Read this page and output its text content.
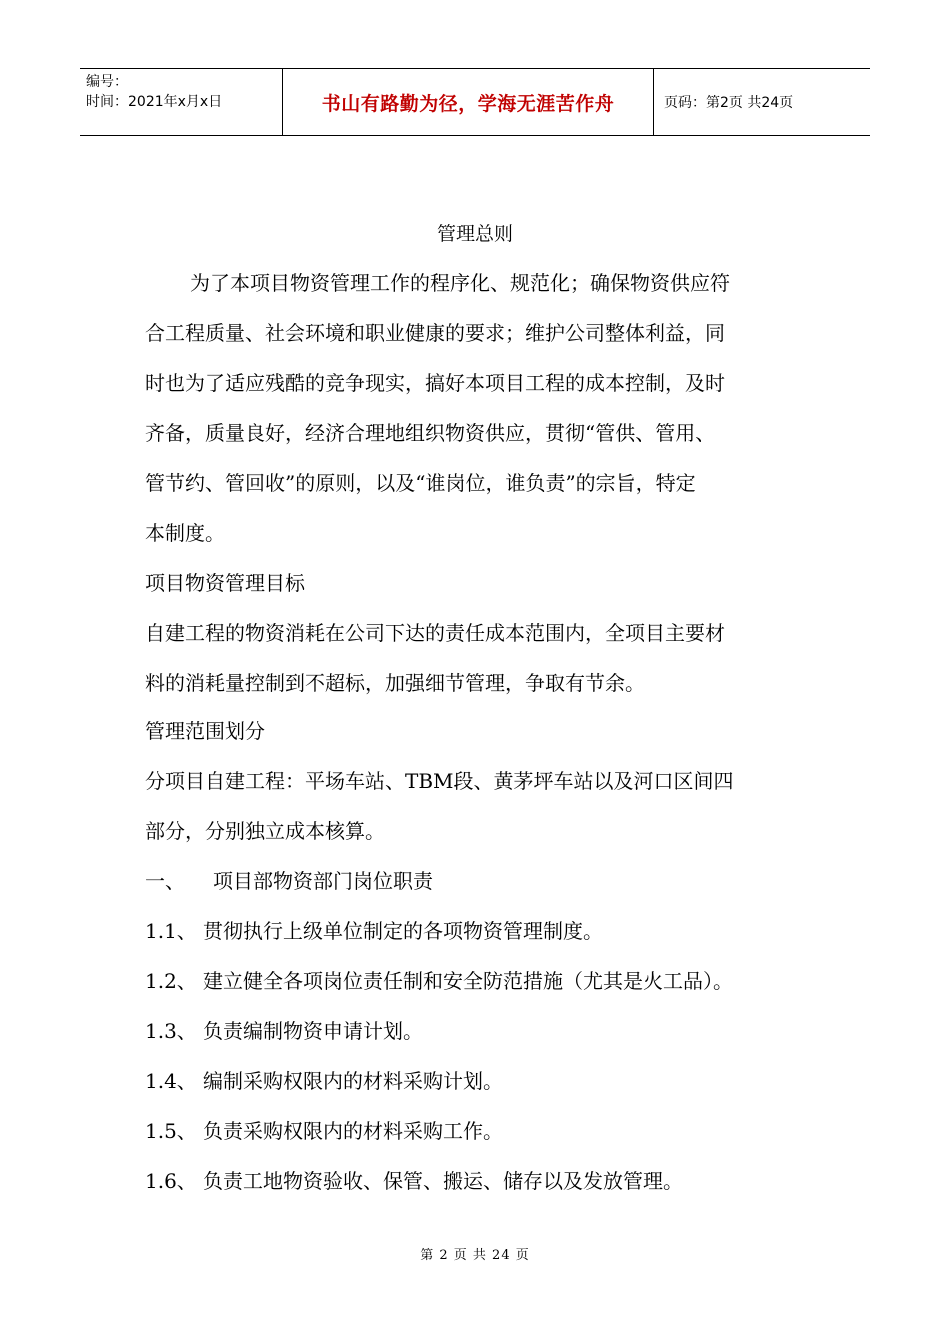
编号：
时间：2021年x月x日	书山有路勤为径，学海无涯苦作舟	页码：第2页 共24页
管理总则
为了本项目物资管理工作的程序化、规范化；确保物资供应符
合工程质量、社会环境和职业健康的要求；维护公司整体利益，同
时也为了适应残酷的竞争现实，搞好本项目工程的成本控制，及时
齐备，质量良好，经济合理地组织物资供应，贯彻“管供、管用、
管节约、管回收”的原则，以及“谁岗位，谁负责”的宗旨，特定
本制度。
项目物资管理目标
自建工程的物资消耗在公司下达的责任成本范围内，全项目主要材
料的消耗量控制到不超标，加强细节管理，争取有节余。
管理范围划分
分项目自建工程：平场车站、TBM段、黄茅坪车站以及河口区间四
部分，分别独立成本核算。
一、 项目部物资部门岗位职责
1.1、 贯彻执行上级单位制定的各项物资管理制度。
1.2、 建立健全各项岗位责任制和安全防范措施（尤其是火工品）。
1.3、 负责编制物资申请计划。
1.4、 编制采购权限内的材料采购计划。
1.5、 负责采购权限内的材料采购工作。
1.6、 负责工地物资验收、保管、搬运、储存以及发放管理。
第 2 页 共 24 页
